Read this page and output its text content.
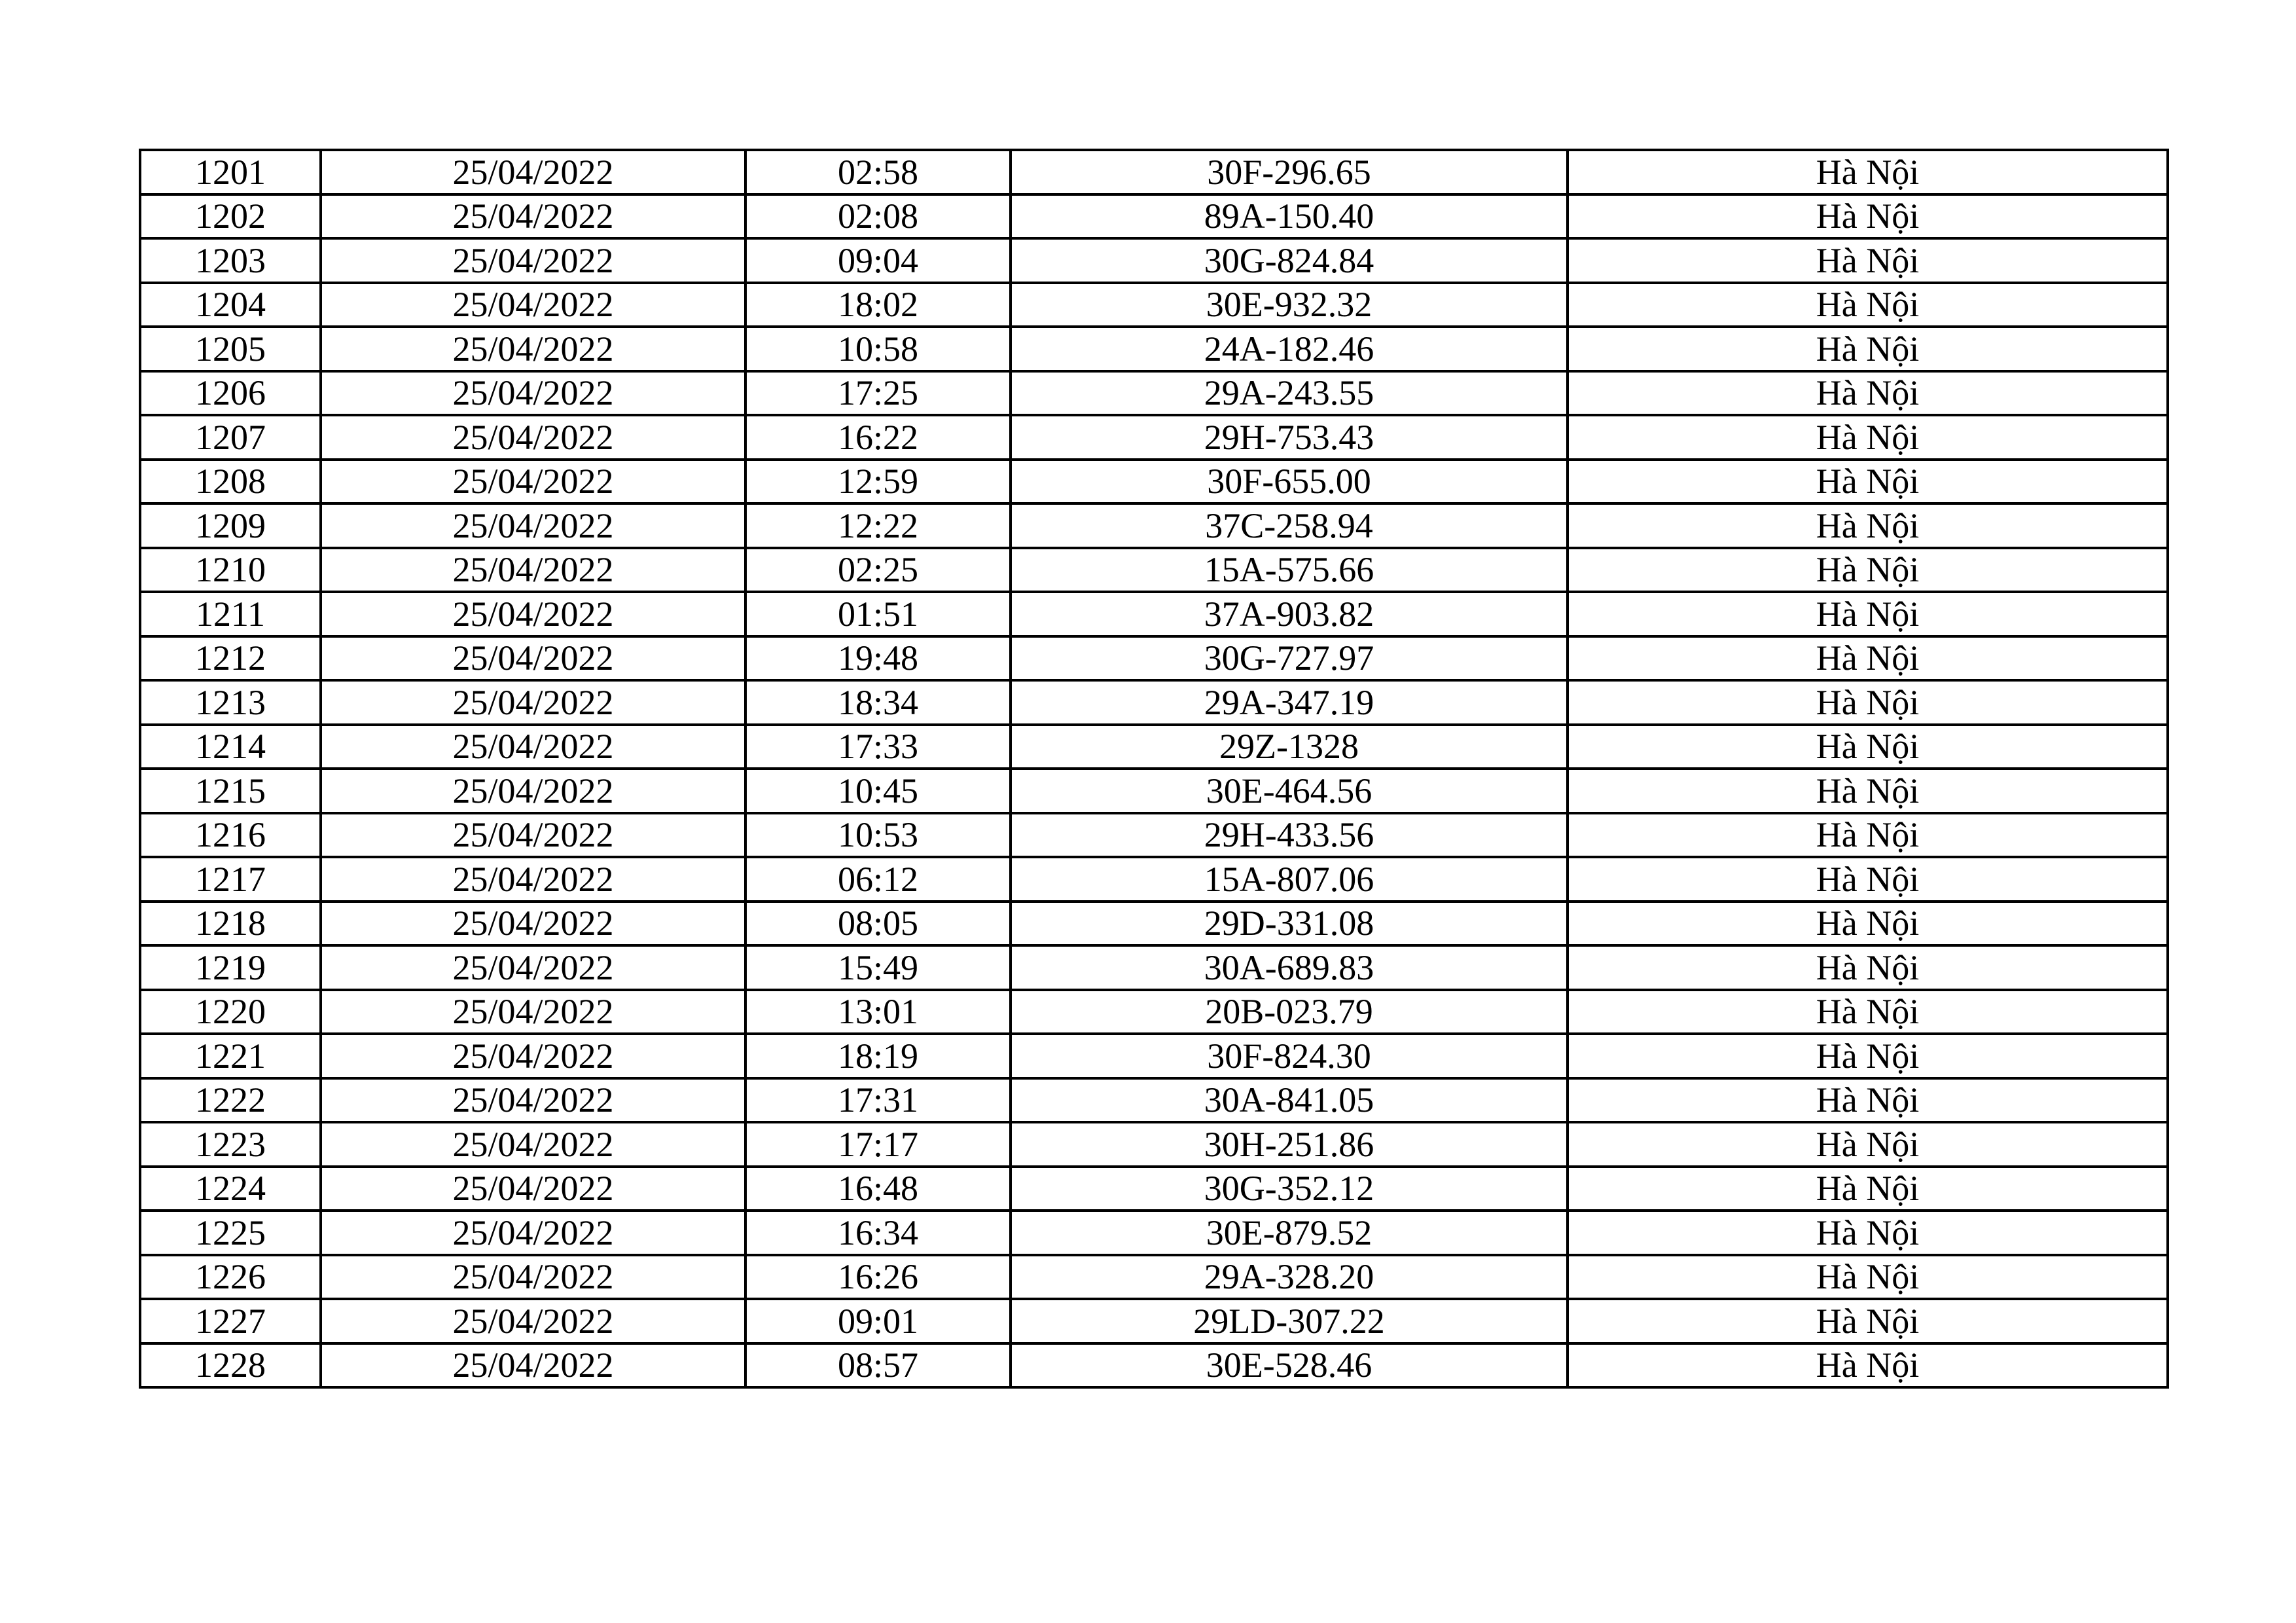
1201	25/04/2022	02:58	30F-296.65	Hà Nội
1202	25/04/2022	02:08	89A-150.40	Hà Nội
1203	25/04/2022	09:04	30G-824.84	Hà Nội
1204	25/04/2022	18:02	30E-932.32	Hà Nội
1205	25/04/2022	10:58	24A-182.46	Hà Nội
1206	25/04/2022	17:25	29A-243.55	Hà Nội
1207	25/04/2022	16:22	29H-753.43	Hà Nội
1208	25/04/2022	12:59	30F-655.00	Hà Nội
1209	25/04/2022	12:22	37C-258.94	Hà Nội
1210	25/04/2022	02:25	15A-575.66	Hà Nội
1211	25/04/2022	01:51	37A-903.82	Hà Nội
1212	25/04/2022	19:48	30G-727.97	Hà Nội
1213	25/04/2022	18:34	29A-347.19	Hà Nội
1214	25/04/2022	17:33	29Z-1328	Hà Nội
1215	25/04/2022	10:45	30E-464.56	Hà Nội
1216	25/04/2022	10:53	29H-433.56	Hà Nội
1217	25/04/2022	06:12	15A-807.06	Hà Nội
1218	25/04/2022	08:05	29D-331.08	Hà Nội
1219	25/04/2022	15:49	30A-689.83	Hà Nội
1220	25/04/2022	13:01	20B-023.79	Hà Nội
1221	25/04/2022	18:19	30F-824.30	Hà Nội
1222	25/04/2022	17:31	30A-841.05	Hà Nội
1223	25/04/2022	17:17	30H-251.86	Hà Nội
1224	25/04/2022	16:48	30G-352.12	Hà Nội
1225	25/04/2022	16:34	30E-879.52	Hà Nội
1226	25/04/2022	16:26	29A-328.20	Hà Nội
1227	25/04/2022	09:01	29LD-307.22	Hà Nội
1228	25/04/2022	08:57	30E-528.46	Hà Nội
